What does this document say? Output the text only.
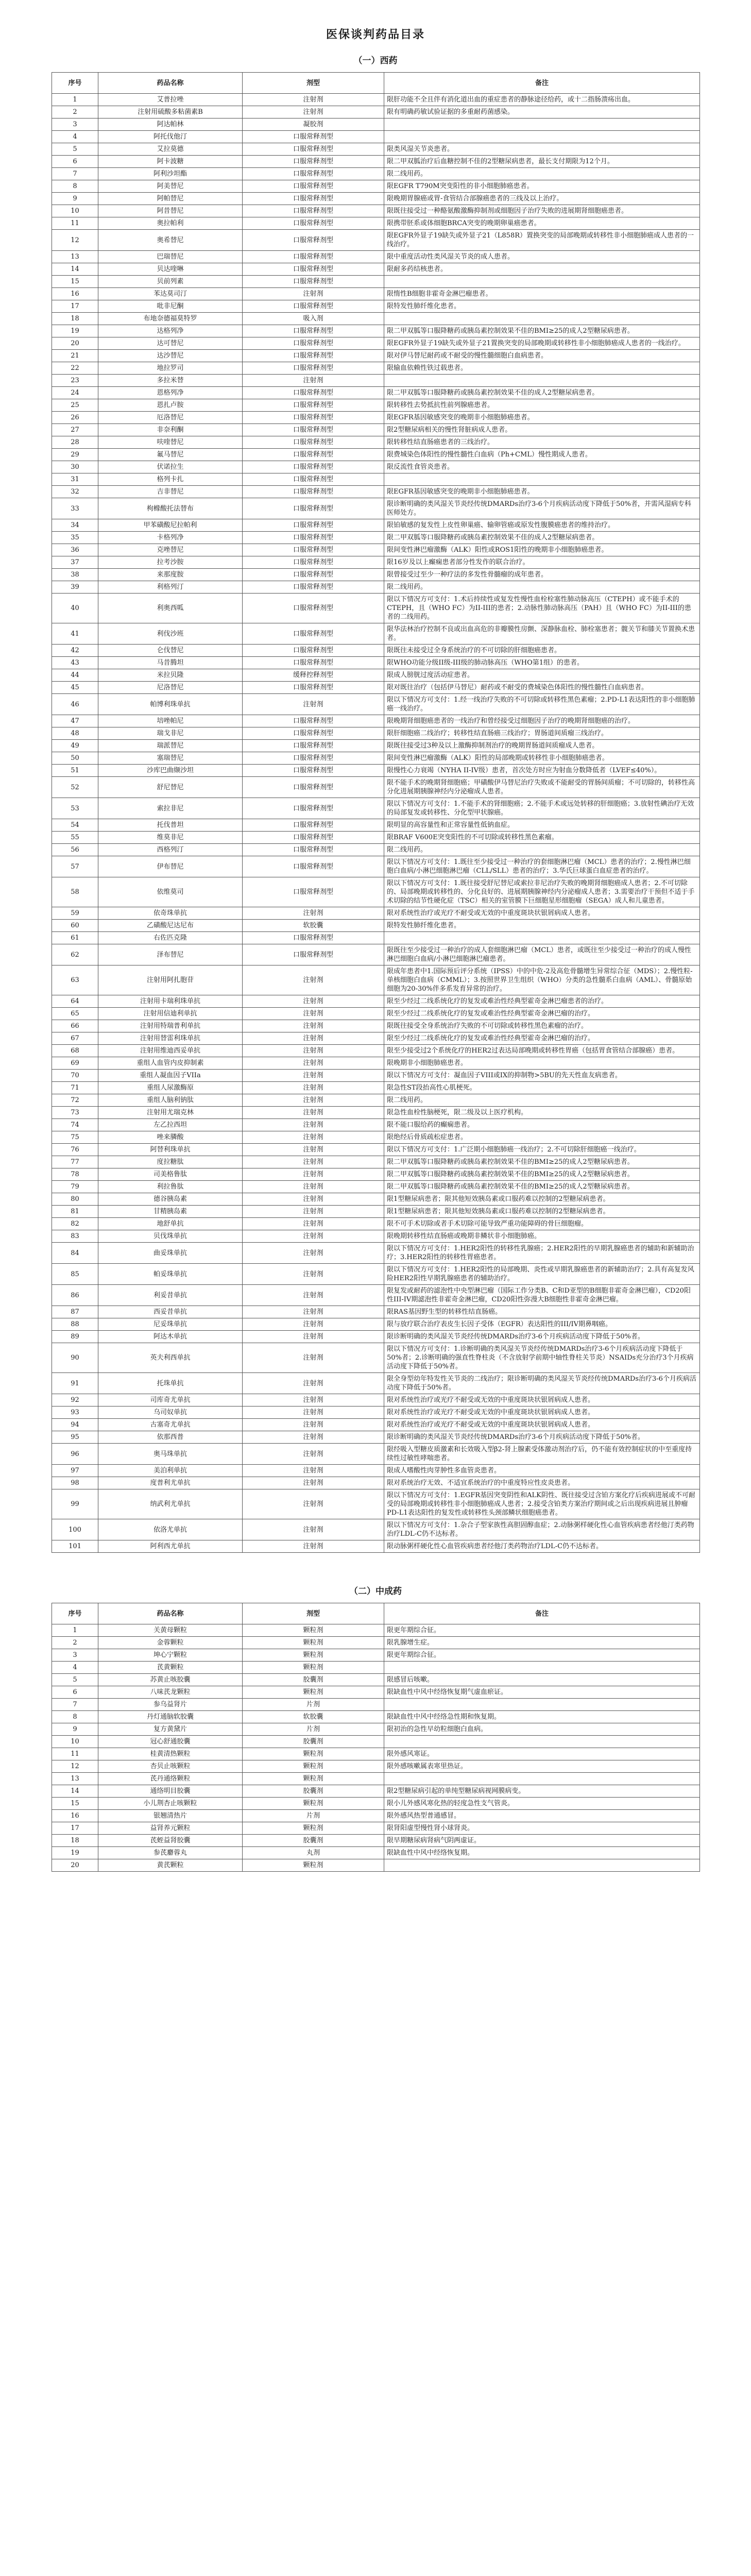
医保谈判药品目录
（一）西药
序号	药品名称	剂型	备注
1	艾普拉唑	注射剂	限肝功能不全且伴有消化道出血的重症患者的静脉途径给药，或十二指肠溃疡出血。
2	注射用硫酸多粘菌素B	注射剂	限有明确药敏试验证据的多重耐药菌感染。
3	阿达帕林	凝胶剂	
4	阿托伐他汀	口服常释剂型	
5	艾拉莫德	口服常释剂型	限类风湿关节炎患者。
6	阿卡波糖	口服常释剂型	限二甲双胍治疗后血糖控制不佳的2型糖尿病患者，最长支付期限为12个月。
7	阿利沙坦酯	口服常释剂型	限二线用药。
8	阿美替尼	口服常释剂型	限EGFR T790M突变阳性的非小细胞肺癌患者。
9	阿帕替尼	口服常释剂型	限晚期胃腺癌或胃-食管结合部腺癌患者的三线及以上治疗。
10	阿昔替尼	口服常释剂型	限既往接受过一种酪氨酸激酶抑制剂或细胞因子治疗失败的进展期肾细胞癌患者。
11	奥拉帕利	口服常释剂型	限携带胚系或体细胞BRCA突变的晚期卵巢癌患者。
12	奥希替尼	口服常释剂型	限EGFR外显子19缺失或外显子21（L858R）置换突变的局部晚期或转移性非小细胞肺癌成人患者的一线治疗。
13	巴瑞替尼	口服常释剂型	限中重度活动性类风湿关节炎的成人患者。
14	贝达喹啉	口服常释剂型	限耐多药结核患者。
15	贝前列素	口服常释剂型	
16	苯达莫司汀	注射剂	限惰性B细胞非霍奇金淋巴瘤患者。
17	吡非尼酮	口服常释剂型	限特发性肺纤维化患者。
18	布地奈德福莫特罗	吸入剂	
19	达格列净	口服常释剂型	限二甲双胍等口服降糖药或胰岛素控制效果不佳的BMI≥25的成人2型糖尿病患者。
20	达可替尼	口服常释剂型	限EGFR外显子19缺失或外显子21置换突变的局部晚期或转移性非小细胞肺癌成人患者的一线治疗。
21	达沙替尼	口服常释剂型	限对伊马替尼耐药或不耐受的慢性髓细胞白血病患者。
22	地拉罗司	口服常释剂型	限输血依赖性铁过载患者。
23	多拉米替	注射剂	
24	恩格列净	口服常释剂型	限二甲双胍等口服降糖药或胰岛素控制效果不佳的成人2型糖尿病患者。
25	恩扎卢胺	口服常释剂型	限转移性去势抵抗性前列腺癌患者。
26	厄洛替尼	口服常释剂型	限EGFR基因敏感突变的晚期非小细胞肺癌患者。
27	非奈利酮	口服常释剂型	限2型糖尿病相关的慢性肾脏病成人患者。
28	呋喹替尼	口服常释剂型	限转移性结直肠癌患者的三线治疗。
29	氟马替尼	口服常释剂型	限费城染色体阳性的慢性髓性白血病（Ph+CML）慢性期成人患者。
30	伏诺拉生	口服常释剂型	限反流性食管炎患者。
31	格列卡扎	口服常释剂型	
32	吉非替尼	口服常释剂型	限EGFR基因敏感突变的晚期非小细胞肺癌患者。
33	枸橼酸托法替布	口服常释剂型	限诊断明确的类风湿关节炎经传统DMARDs治疗3-6个月疾病活动度下降低于50%者，并需风湿病专科医师处方。
34	甲苯磺酸尼拉帕利	口服常释剂型	限铂敏感的复发性上皮性卵巢癌、输卵管癌或原发性腹膜癌患者的维持治疗。
35	卡格列净	口服常释剂型	限二甲双胍等口服降糖药或胰岛素控制效果不佳的成人2型糖尿病患者。
36	克唑替尼	口服常释剂型	限间变性淋巴瘤激酶（ALK）阳性或ROS1阳性的晚期非小细胞肺癌患者。
37	拉考沙胺	口服常释剂型	限16岁及以上癫痫患者部分性发作的联合治疗。
38	来那度胺	口服常释剂型	限曾接受过至少一种疗法的多发性骨髓瘤的成年患者。
39	利格列汀	口服常释剂型	限二线用药。
40	利奥西呱	口服常释剂型	限以下情况方可支付：1.术后持续性或复发性慢性血栓栓塞性肺动脉高压（CTEPH）或不能手术的CTEPH，且（WHO FC）为II-III的患者；2.动脉性肺动脉高压（PAH）且（WHO FC）为II-III的患者的二线用药。
41	利伐沙班	口服常释剂型	限华法林治疗控制不良或出血高危的非瓣膜性房颤、深静脉血栓、肺栓塞患者；髋关节和膝关节置换术患者。
42	仑伐替尼	口服常释剂型	限既往未接受过全身系统治疗的不可切除的肝细胞癌患者。
43	马昔腾坦	口服常释剂型	限WHO功能分级II级-III级的肺动脉高压（WHO第1组）的患者。
44	米拉贝隆	缓释控释剂型	限成人膀胱过度活动症患者。
45	尼洛替尼	口服常释剂型	限对既往治疗（包括伊马替尼）耐药或不耐受的费城染色体阳性的慢性髓性白血病患者。
46	帕博利珠单抗	注射剂	限以下情况方可支付：1.经一线治疗失败的不可切除或转移性黑色素瘤；2.PD-L1表达阳性的非小细胞肺癌一线治疗。
47	培唑帕尼	口服常释剂型	限晚期肾细胞癌患者的一线治疗和曾经接受过细胞因子治疗的晚期肾细胞癌的治疗。
48	瑞戈非尼	口服常释剂型	限肝细胞癌二线治疗；转移性结直肠癌三线治疗；胃肠道间质瘤三线治疗。
49	瑞派替尼	口服常释剂型	限既往接受过3种及以上激酶抑制剂治疗的晚期胃肠道间质瘤成人患者。
50	塞瑞替尼	口服常释剂型	限间变性淋巴瘤激酶（ALK）阳性的局部晚期或转移性非小细胞肺癌患者。
51	沙库巴曲缬沙坦	口服常释剂型	限慢性心力衰竭（NYHA II-IV级）患者，首次处方时应为射血分数降低者（LVEF≤40%）。
52	舒尼替尼	口服常释剂型	限不能手术的晚期肾细胞癌；甲磺酸伊马替尼治疗失败或不能耐受的胃肠间质瘤；不可切除的，转移性高分化进展期胰腺神经内分泌瘤成人患者。
53	索拉非尼	口服常释剂型	限以下情况方可支付：1.不能手术的肾细胞癌；2.不能手术或远处转移的肝细胞癌；3.放射性碘治疗无效的局部复发或转移性、分化型甲状腺癌。
54	托伐普坦	口服常释剂型	限明显的高容量性和正常容量性低钠血症。
55	维莫非尼	口服常释剂型	限BRAF V600E突变阳性的不可切除或转移性黑色素瘤。
56	西格列汀	口服常释剂型	限二线用药。
57	伊布替尼	口服常释剂型	限以下情况方可支付：1.既往至少接受过一种治疗的套细胞淋巴瘤（MCL）患者的治疗；2.慢性淋巴细胞白血病/小淋巴细胞淋巴瘤（CLL/SLL）患者的治疗；3.华氏巨球蛋白血症患者的治疗。
58	依维莫司	口服常释剂型	限以下情况方可支付：1.既往接受舒尼替尼或索拉非尼治疗失败的晚期肾细胞癌成人患者；2.不可切除的、局部晚期或转移性的、分化良好的、进展期胰腺神经内分泌瘤成人患者；3.需要治疗干预但不适于手术切除的结节性硬化症（TSC）相关的室管膜下巨细胞星形细胞瘤（SEGA）成人和儿童患者。
59	依奇珠单抗	注射剂	限对系统性治疗或光疗不耐受或无效的中重度斑块状银屑病成人患者。
60	乙磺酸尼达尼布	软胶囊	限特发性肺纤维化患者。
61	右佐匹克隆	口服常释剂型	
62	泽布替尼	口服常释剂型	限既往至少接受过一种治疗的成人套细胞淋巴瘤（MCL）患者，或既往至少接受过一种治疗的成人慢性淋巴细胞白血病/小淋巴细胞淋巴瘤患者。
63	注射用阿扎胞苷	注射剂	限成年患者中1.国际预后评分系统（IPSS）中的中危-2及高危骨髓增生异常综合征（MDS）；2.慢性粒-单核细胞白血病（CMML）；3.按照世界卫生组织（WHO）分类的急性髓系白血病（AML）、骨髓原始细胞为20-30%伴多系发育异常的治疗。
64	注射用卡瑞利珠单抗	注射剂	限至少经过二线系统化疗的复发或难治性经典型霍奇金淋巴瘤患者的治疗。
65	注射用信迪利单抗	注射剂	限至少经过二线系统化疗的复发或难治性经典型霍奇金淋巴瘤的治疗。
66	注射用特瑞普利单抗	注射剂	限既往接受全身系统治疗失败的不可切除或转移性黑色素瘤的治疗。
67	注射用替雷利珠单抗	注射剂	限至少经过二线系统化疗的复发或难治性经典型霍奇金淋巴瘤的治疗。
68	注射用维迪西妥单抗	注射剂	限至少接受过2个系统化疗的HER2过表达局部晚期或转移性胃癌（包括胃食管结合部腺癌）患者。
69	重组人血管内皮抑制素	注射剂	限晚期非小细胞肺癌患者。
70	重组人凝血因子VIIa	注射剂	限以下情况方可支付：凝血因子VIII或IX的抑制物>5BU的先天性血友病患者。
71	重组人尿激酶原	注射剂	限急性ST段抬高性心肌梗死。
72	重组人脑利钠肽	注射剂	限二线用药。
73	注射用尤瑞克林	注射剂	限急性血栓性脑梗死，限二级及以上医疗机构。
74	左乙拉西坦	注射剂	限不能口服给药的癫痫患者。
75	唑来膦酸	注射剂	限绝经后骨质疏松症患者。
76	阿替利珠单抗	注射剂	限以下情况方可支付：1.广泛期小细胞肺癌一线治疗；2.不可切除肝细胞癌一线治疗。
77	度拉糖肽	注射剂	限二甲双胍等口服降糖药或胰岛素控制效果不佳的BMI≥25的成人2型糖尿病患者。
78	司美格鲁肽	注射剂	限二甲双胍等口服降糖药或胰岛素控制效果不佳的BMI≥25的成人2型糖尿病患者。
79	利拉鲁肽	注射剂	限二甲双胍等口服降糖药或胰岛素控制效果不佳的BMI≥25的成人2型糖尿病患者。
80	德谷胰岛素	注射剂	限1型糖尿病患者；限其他短效胰岛素或口服药难以控制的2型糖尿病患者。
81	甘精胰岛素	注射剂	限1型糖尿病患者；限其他短效胰岛素或口服药难以控制的2型糖尿病患者。
82	地舒单抗	注射剂	限不可手术切除或者手术切除可能导致严重功能障碍的骨巨细胞瘤。
83	贝伐珠单抗	注射剂	限晚期转移性结直肠癌或晚期非鳞状非小细胞肺癌。
84	曲妥珠单抗	注射剂	限以下情况方可支付：1.HER2阳性的转移性乳腺癌；2.HER2阳性的早期乳腺癌患者的辅助和新辅助治疗；3.HER2阳性的转移性胃癌患者。
85	帕妥珠单抗	注射剂	限以下情况方可支付：1.HER2阳性的局部晚期、炎性或早期乳腺癌患者的新辅助治疗；2.具有高复发风险HER2阳性早期乳腺癌患者的辅助治疗。
86	利妥昔单抗	注射剂	限复发或耐药的滤泡性中央型淋巴瘤（国际工作分类B、C和D亚型的B细胞非霍奇金淋巴瘤），CD20阳性III-IV期滤泡性非霍奇金淋巴瘤，CD20阳性弥漫大B细胞性非霍奇金淋巴瘤。
87	西妥昔单抗	注射剂	限RAS基因野生型的转移性结直肠癌。
88	尼妥珠单抗	注射剂	限与放疗联合治疗表皮生长因子受体（EGFR）表达阳性的III/IV期鼻咽癌。
89	阿达木单抗	注射剂	限诊断明确的类风湿关节炎经传统DMARDs治疗3-6个月疾病活动度下降低于50%者。
90	英夫利西单抗	注射剂	限以下情况方可支付：1.诊断明确的类风湿关节炎经传统DMARDs治疗3-6个月疾病活动度下降低于50%者；2.诊断明确的强直性脊柱炎（不含放射学前期中轴性脊柱关节炎）NSAIDs充分治疗3个月疾病活动度下降低于50%者。
91	托珠单抗	注射剂	限全身型幼年特发性关节炎的二线治疗；限诊断明确的类风湿关节炎经传统DMARDs治疗3-6个月疾病活动度下降低于50%者。
92	司库奇尤单抗	注射剂	限对系统性治疗或光疗不耐受或无效的中重度斑块状银屑病成人患者。
93	乌司奴单抗	注射剂	限对系统性治疗或光疗不耐受或无效的中重度斑块状银屑病成人患者。
94	古塞奇尤单抗	注射剂	限对系统性治疗或光疗不耐受或无效的中重度斑块状银屑病成人患者。
95	依那西普	注射剂	限诊断明确的类风湿关节炎经传统DMARDs治疗3-6个月疾病活动度下降低于50%者。
96	奥马珠单抗	注射剂	限经吸入型糖皮质激素和长效吸入型β2-肾上腺素受体激动剂治疗后，仍不能有效控制症状的中至重度持续性过敏性哮喘患者。
97	美泊利单抗	注射剂	限成人嗜酸性肉芽肿性多血管炎患者。
98	度普利尤单抗	注射剂	限对系统治疗无效、不适宜系统治疗的中重度特应性皮炎患者。
99	纳武利尤单抗	注射剂	限以下情况方可支付：1.EGFR基因突变阴性和ALK阴性、既往接受过含铂方案化疗后疾病进展或不可耐受的局部晚期或转移性非小细胞肺癌成人患者；2.接受含铂类方案治疗期间或之后出现疾病进展且肿瘤PD-L1表达阳性的复发性或转移性头颈部鳞状细胞癌患者。
100	依洛尤单抗	注射剂	限以下情况方可支付：1.杂合子型家族性高胆固醇血症；2.动脉粥样硬化性心血管疾病患者经他汀类药物治疗LDL-C仍不达标者。
101	阿利西尤单抗	注射剂	限动脉粥样硬化性心血管疾病患者经他汀类药物治疗LDL-C仍不达标者。
（二）中成药
序号	药品名称	剂型	备注
1	关黄母颗粒	颗粒剂	限更年期综合征。
2	金蓉颗粒	颗粒剂	限乳腺增生症。
3	坤心宁颗粒	颗粒剂	限更年期综合征。
4	芪黄颗粒	颗粒剂	
5	苏黄止咳胶囊	胶囊剂	限感冒后咳嗽。
6	八味芪龙颗粒	颗粒剂	限缺血性中风中经络恢复期气虚血瘀证。
7	参乌益肾片	片剂	
8	丹灯通脑软胶囊	软胶囊	限缺血性中风中经络急性期和恢复期。
9	复方黄黛片	片剂	限初治的急性早幼粒细胞白血病。
10	冠心舒通胶囊	胶囊剂	
11	桂黄清热颗粒	颗粒剂	限外感风寒证。
12	杏贝止咳颗粒	颗粒剂	限外感咳嗽属表寒里热证。
13	芪丹通络颗粒	颗粒剂	
14	通络明目胶囊	胶囊剂	限2型糖尿病引起的单纯型糖尿病视网膜病变。
15	小儿荆杏止咳颗粒	颗粒剂	限小儿外感风寒化热的轻度急性支气管炎。
16	银翘清热片	片剂	限外感风热型普通感冒。
17	益肾养元颗粒	颗粒剂	限肾阳虚型慢性肾小球肾炎。
18	芪蛭益肾胶囊	胶囊剂	限早期糖尿病肾病气阴两虚证。
19	参芪麝蓉丸	丸剂	限缺血性中风中经络恢复期。
20	黄芪颗粒	颗粒剂	
